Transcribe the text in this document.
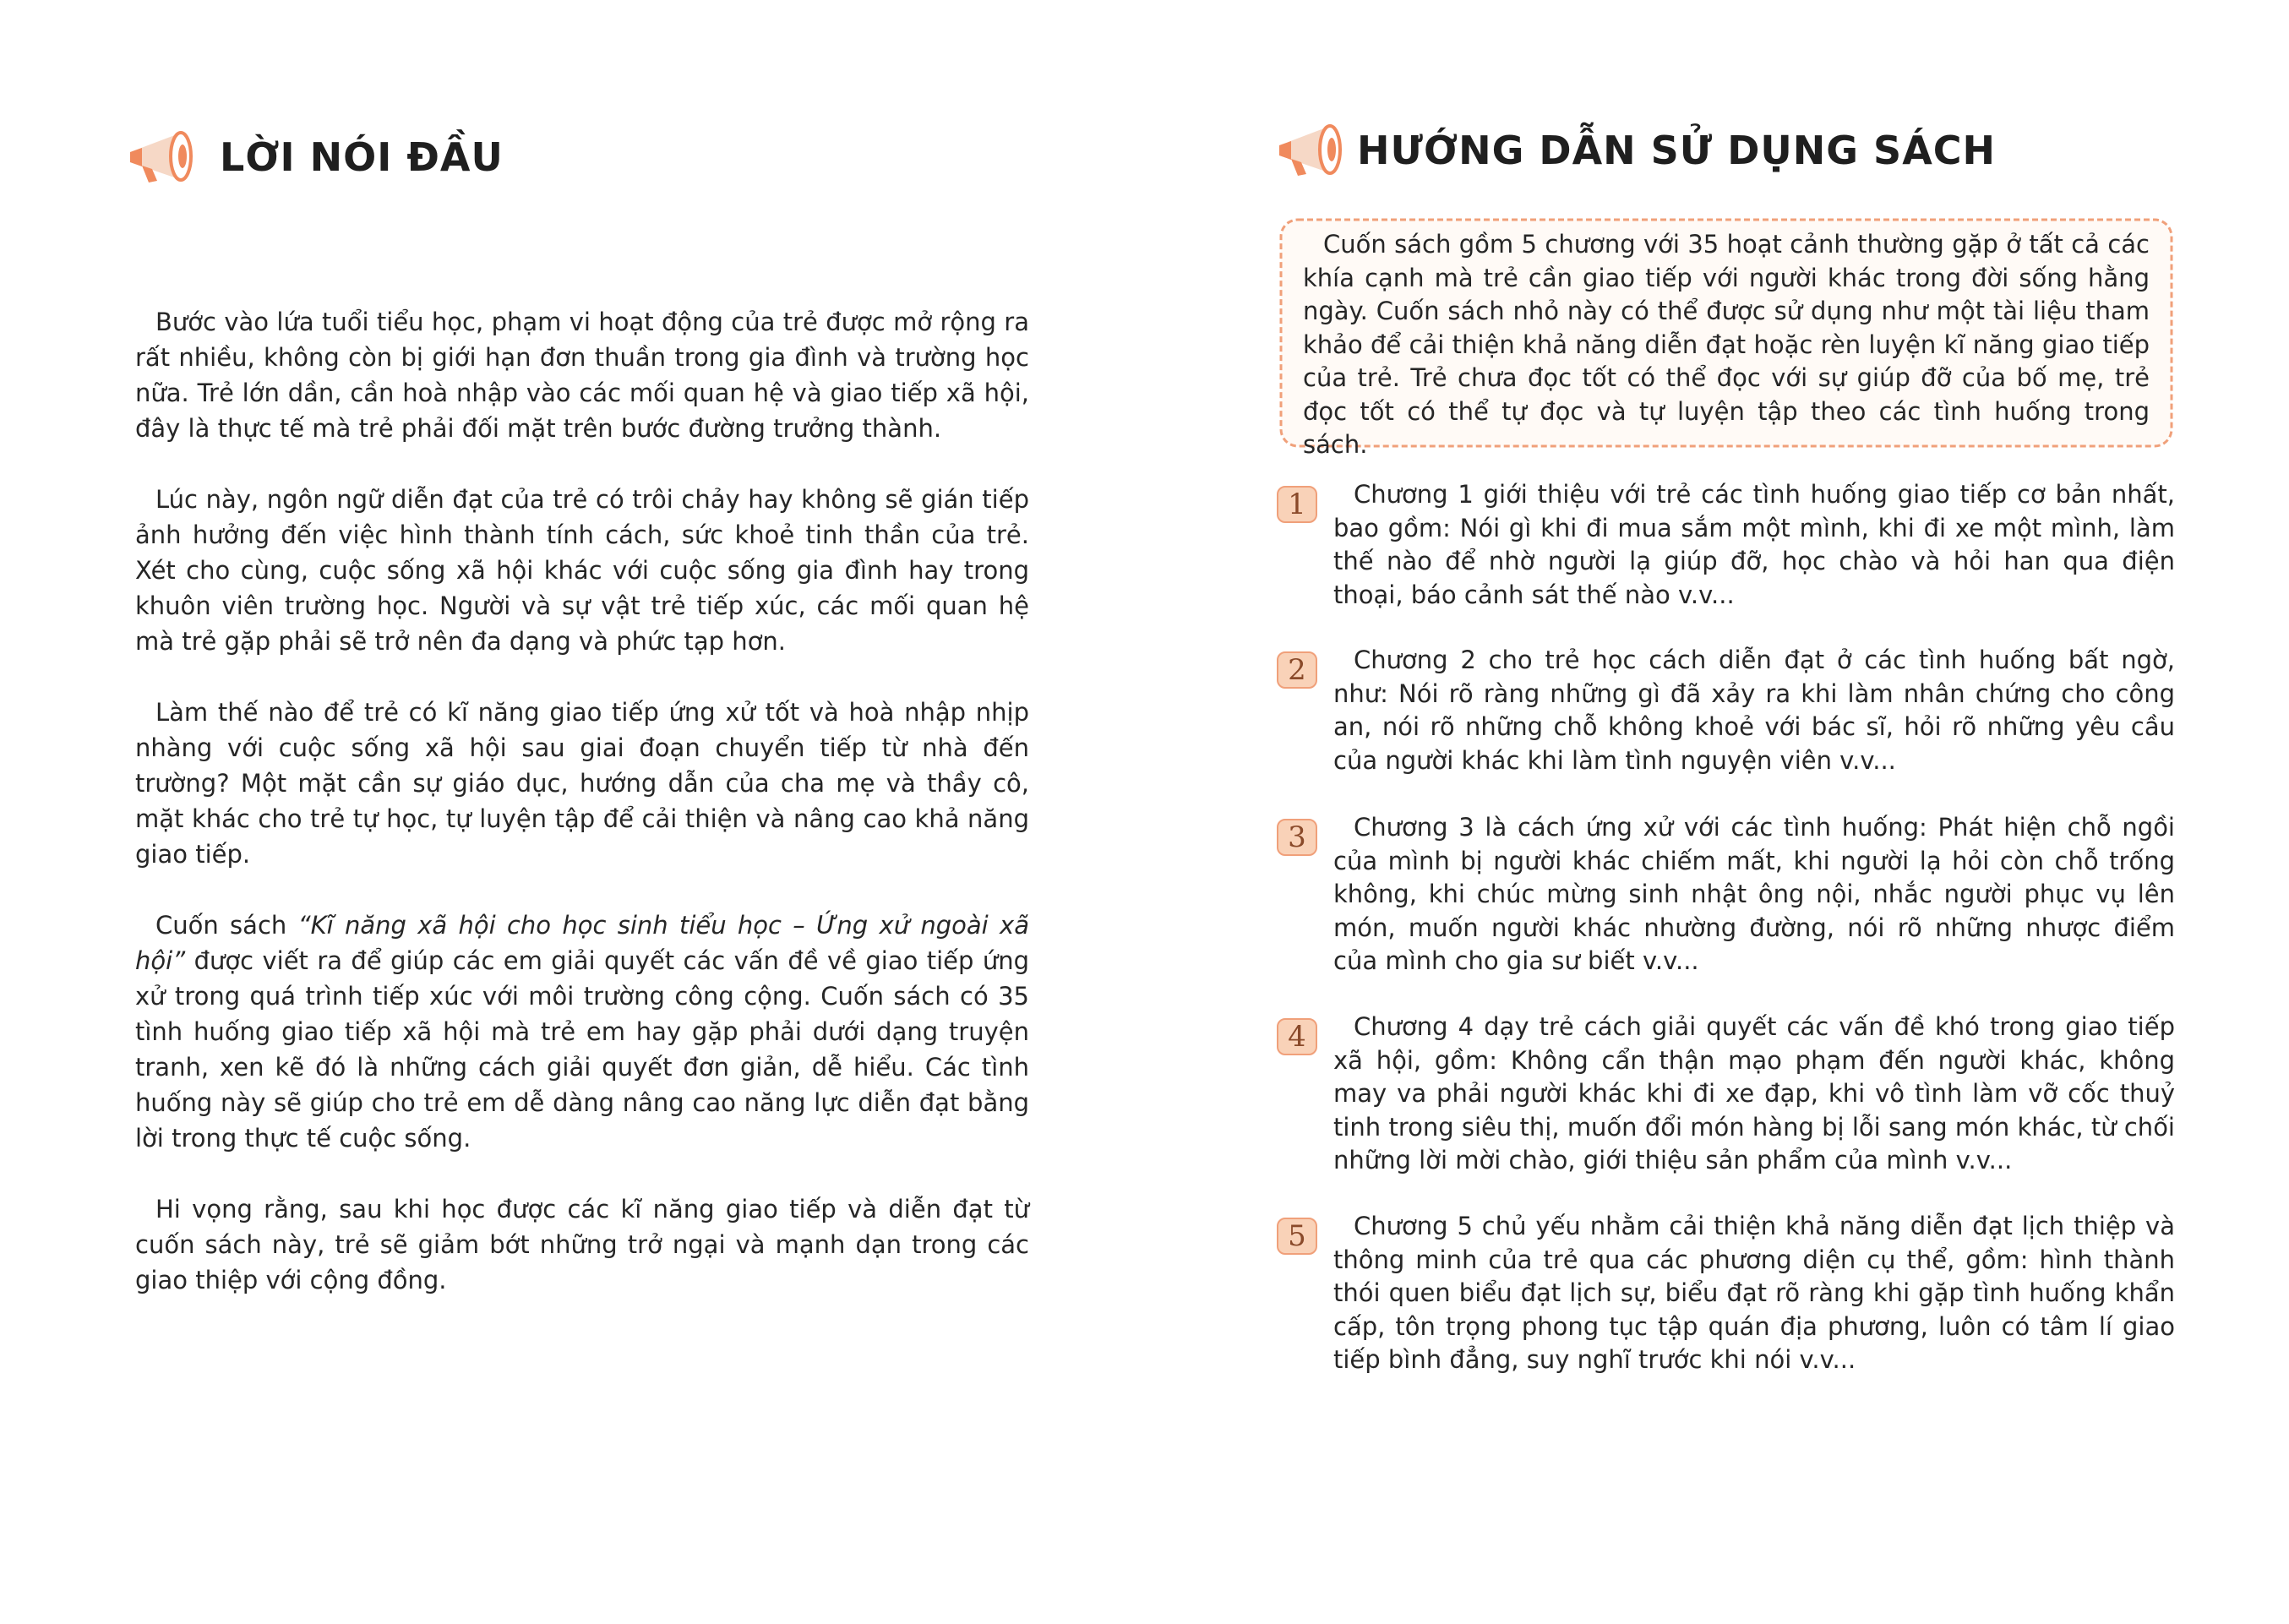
LỜI NÓI ĐẦU

Bước vào lứa tuổi tiểu học, phạm vi hoạt động của trẻ được mở rộng ra rất nhiều, không còn bị giới hạn đơn thuần trong gia đình và trường học nữa. Trẻ lớn dần, cần hoà nhập vào các mối quan hệ và giao tiếp xã hội, đây là thực tế mà trẻ phải đối mặt trên bước đường trưởng thành.

Lúc này, ngôn ngữ diễn đạt của trẻ có trôi chảy hay không sẽ gián tiếp ảnh hưởng đến việc hình thành tính cách, sức khoẻ tinh thần của trẻ. Xét cho cùng, cuộc sống xã hội khác với cuộc sống gia đình hay trong khuôn viên trường học. Người và sự vật trẻ tiếp xúc, các mối quan hệ mà trẻ gặp phải sẽ trở nên đa dạng và phức tạp hơn.

Làm thế nào để trẻ có kĩ năng giao tiếp ứng xử tốt và hoà nhập nhịp nhàng với cuộc sống xã hội sau giai đoạn chuyển tiếp từ nhà đến trường? Một mặt cần sự giáo dục, hướng dẫn của cha mẹ và thầy cô, mặt khác cho trẻ tự học, tự luyện tập để cải thiện và nâng cao khả năng giao tiếp.

Cuốn sách “Kĩ năng xã hội cho học sinh tiểu học – Ứng xử ngoài xã hội” được viết ra để giúp các em giải quyết các vấn đề về giao tiếp ứng xử trong quá trình tiếp xúc với môi trường công cộng. Cuốn sách có 35 tình huống giao tiếp xã hội mà trẻ em hay gặp phải dưới dạng truyện tranh, xen kẽ đó là những cách giải quyết đơn giản, dễ hiểu. Các tình huống này sẽ giúp cho trẻ em dễ dàng nâng cao năng lực diễn đạt bằng lời trong thực tế cuộc sống.

Hi vọng rằng, sau khi học được các kĩ năng giao tiếp và diễn đạt từ cuốn sách này, trẻ sẽ giảm bớt những trở ngại và mạnh dạn trong các giao thiệp với cộng đồng.

HƯỚNG DẪN SỬ DỤNG SÁCH
Cuốn sách gồm 5 chương với 35 hoạt cảnh thường gặp ở tất cả các khía cạnh mà trẻ cần giao tiếp với người khác trong đời sống hằng ngày. Cuốn sách nhỏ này có thể được sử dụng như một tài liệu tham khảo để cải thiện khả năng diễn đạt hoặc rèn luyện kĩ năng giao tiếp của trẻ. Trẻ chưa đọc tốt có thể đọc với sự giúp đỡ của bố mẹ, trẻ đọc tốt có thể tự đọc và tự luyện tập theo các tình huống trong sách.
1	Chương 1 giới thiệu với trẻ các tình huống giao tiếp cơ bản nhất, bao gồm: Nói gì khi đi mua sắm một mình, khi đi xe một mình, làm thế nào để nhờ người lạ giúp đỡ, học chào và hỏi han qua điện thoại, báo cảnh sát thế nào v.v...
2	Chương 2 cho trẻ học cách diễn đạt ở các tình huống bất ngờ, như: Nói rõ ràng những gì đã xảy ra khi làm nhân chứng cho công an, nói rõ những chỗ không khoẻ với bác sĩ, hỏi rõ những yêu cầu của người khác khi làm tình nguyện viên v.v...
3	Chương 3 là cách ứng xử với các tình huống: Phát hiện chỗ ngồi của mình bị người khác chiếm mất, khi người lạ hỏi còn chỗ trống không, khi chúc mừng sinh nhật ông nội, nhắc người phục vụ lên món, muốn người khác nhường đường, nói rõ những nhược điểm của mình cho gia sư biết v.v...
4	Chương 4 dạy trẻ cách giải quyết các vấn đề khó trong giao tiếp xã hội, gồm: Không cẩn thận mạo phạm đến người khác, không may va phải người khác khi đi xe đạp, khi vô tình làm vỡ cốc thuỷ tinh trong siêu thị, muốn đổi món hàng bị lỗi sang món khác, từ chối những lời mời chào, giới thiệu sản phẩm của mình v.v...
5	Chương 5 chủ yếu nhằm cải thiện khả năng diễn đạt lịch thiệp và thông minh của trẻ qua các phương diện cụ thể, gồm: hình thành thói quen biểu đạt lịch sự, biểu đạt rõ ràng khi gặp tình huống khẩn cấp, tôn trọng phong tục tập quán địa phương, luôn có tâm lí giao tiếp bình đẳng, suy nghĩ trước khi nói v.v...
